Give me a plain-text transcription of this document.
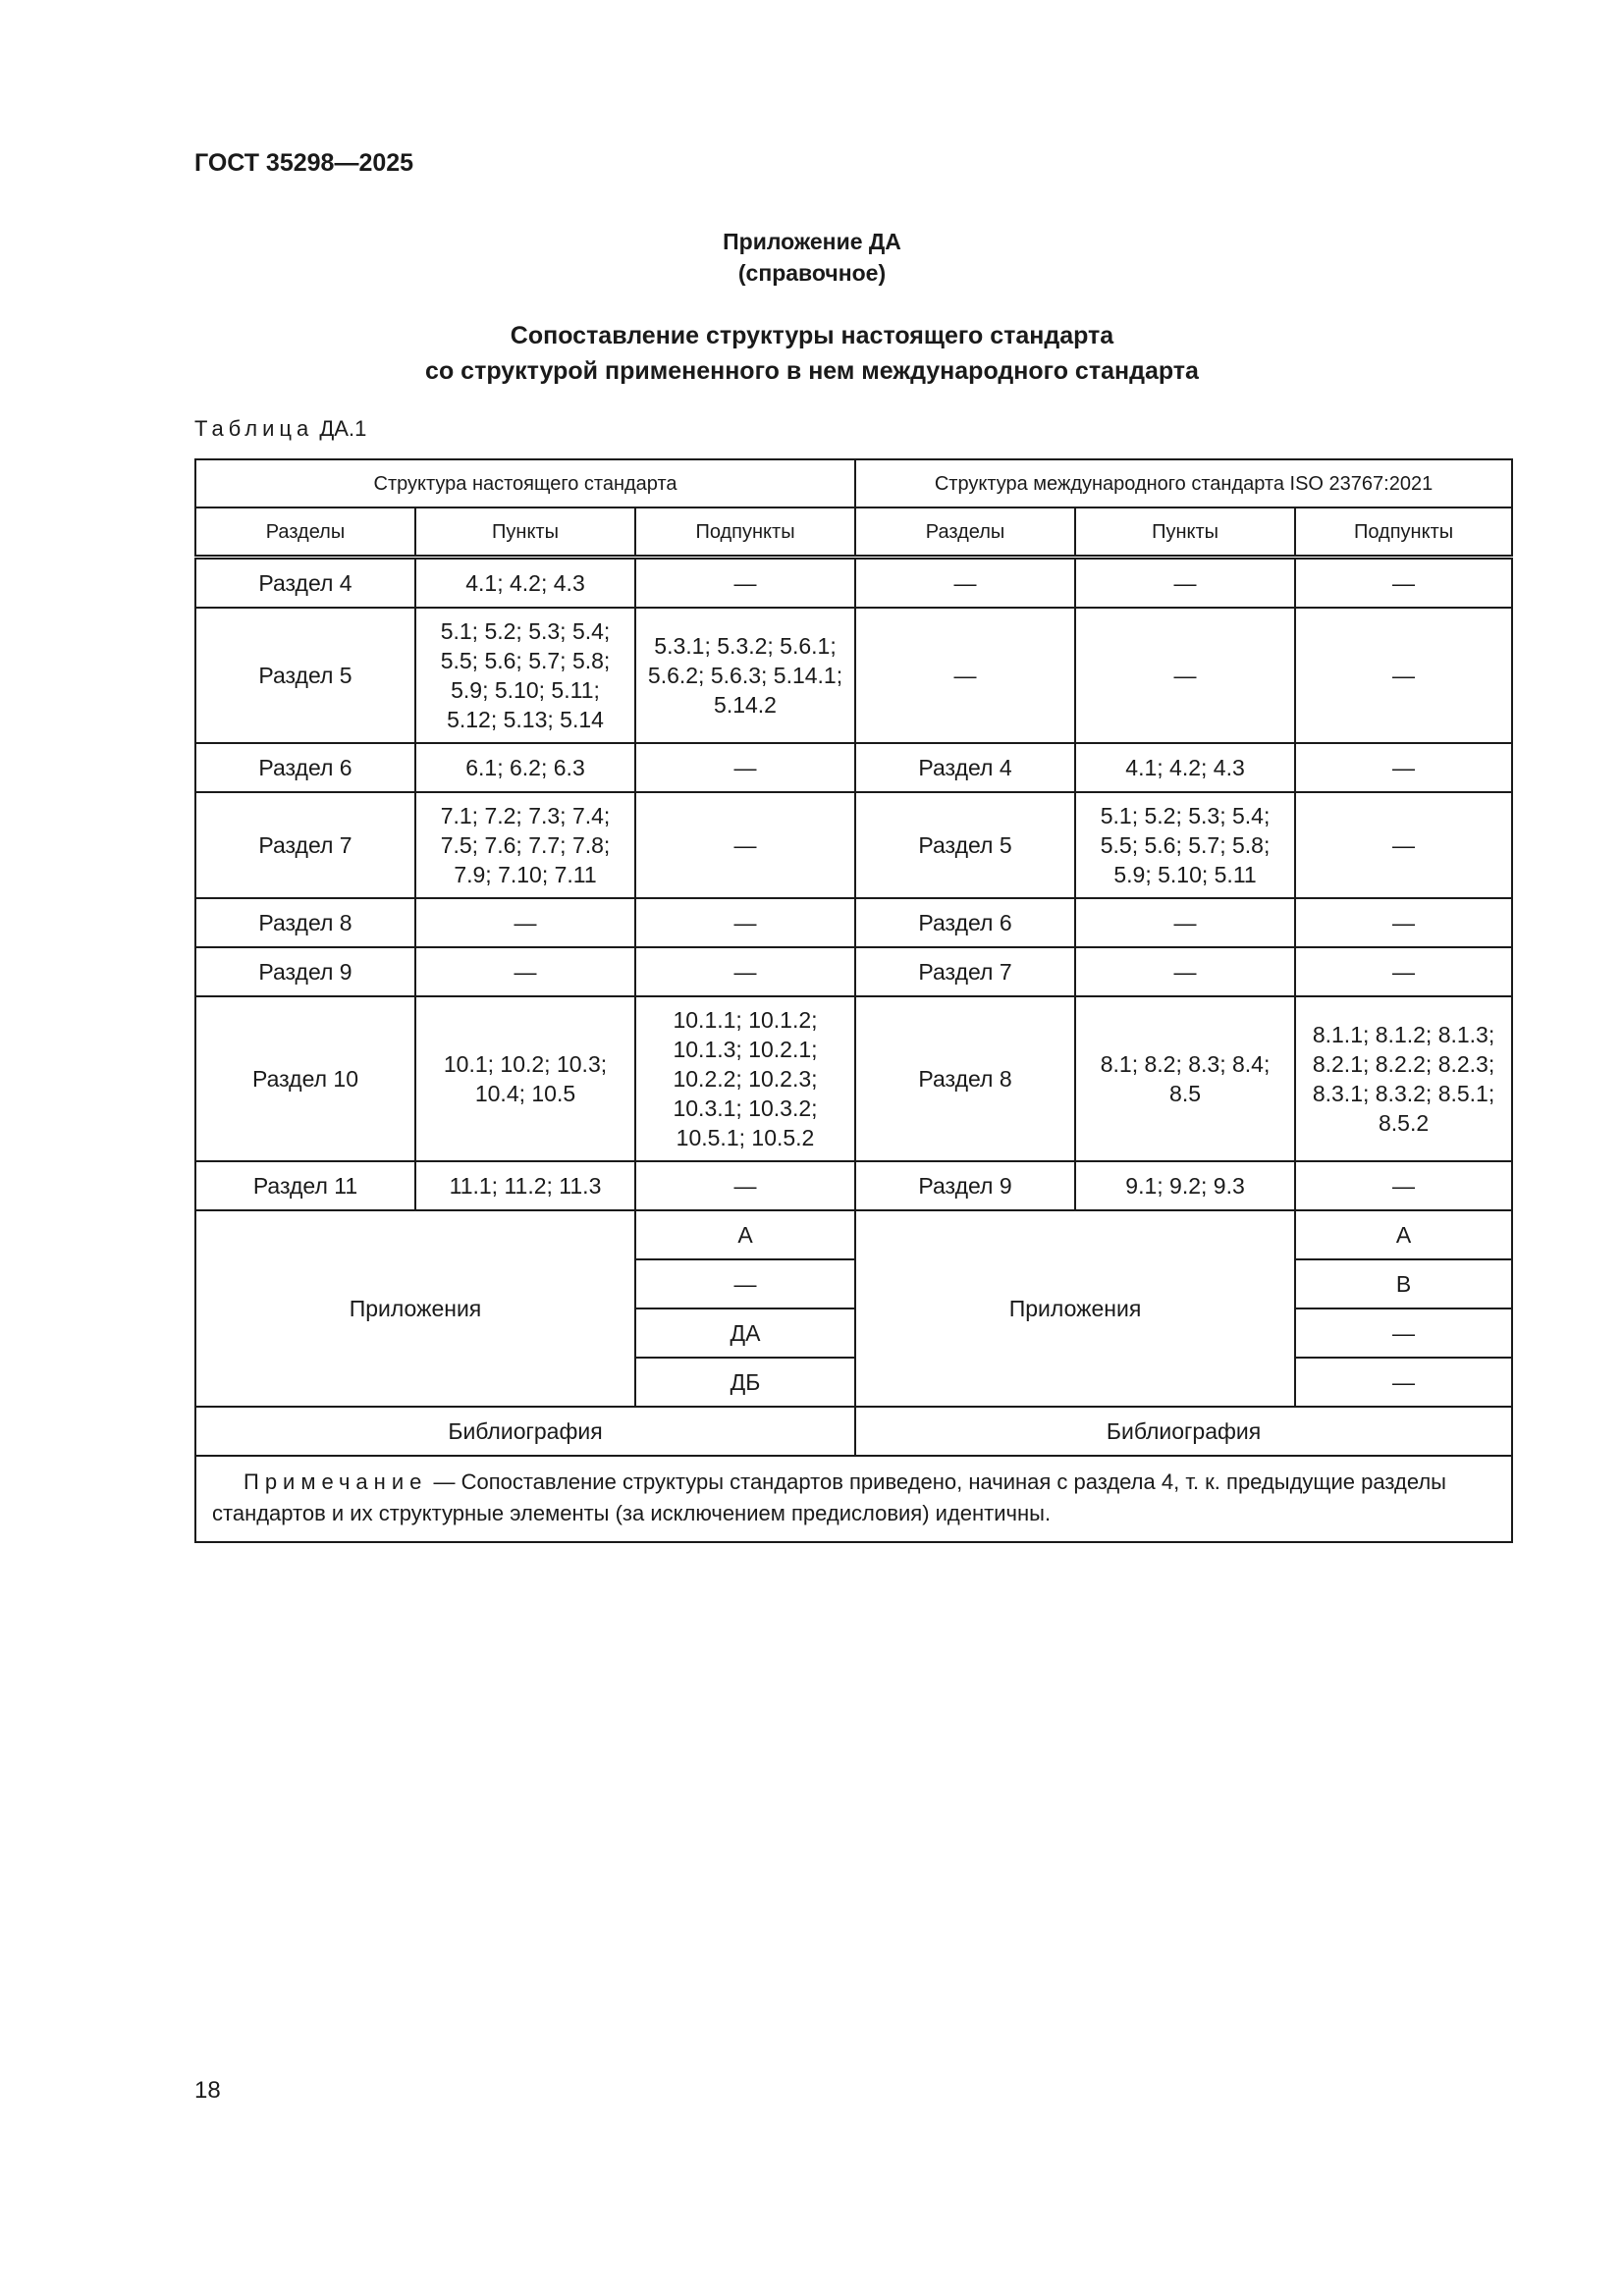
ГОСТ 35298—2025
Приложение ДА
(справочное)
Сопоставление структуры настоящего стандарта
со структурой примененного в нем международного стандарта
Таблица ДА.1
Структура настоящего стандарта			Структура международного стандарта ISO 23767:2021		
Разделы	Пункты	Подпункты	Разделы	Пункты	Подпункты
Раздел 4	4.1; 4.2; 4.3	—	—	—	—
Раздел 5	5.1; 5.2; 5.3; 5.4; 5.5; 5.6; 5.7; 5.8; 5.9; 5.10; 5.11; 5.12; 5.13; 5.14	5.3.1; 5.3.2; 5.6.1; 5.6.2; 5.6.3; 5.14.1; 5.14.2	—	—	—
Раздел 6	6.1; 6.2; 6.3	—	Раздел 4	4.1; 4.2; 4.3	—
Раздел 7	7.1; 7.2; 7.3; 7.4; 7.5; 7.6; 7.7; 7.8; 7.9; 7.10; 7.11	—	Раздел 5	5.1; 5.2; 5.3; 5.4; 5.5; 5.6; 5.7; 5.8; 5.9; 5.10; 5.11	—
Раздел 8	—	—	Раздел 6	—	—
Раздел 9	—	—	Раздел 7	—	—
Раздел 10	10.1; 10.2; 10.3; 10.4; 10.5	10.1.1; 10.1.2; 10.1.3; 10.2.1; 10.2.2; 10.2.3; 10.3.1; 10.3.2; 10.5.1; 10.5.2	Раздел 8	8.1; 8.2; 8.3; 8.4; 8.5	8.1.1; 8.1.2; 8.1.3; 8.2.1; 8.2.2; 8.2.3; 8.3.1; 8.3.2; 8.5.1; 8.5.2
Раздел 11	11.1; 11.2; 11.3	—	Раздел 9	9.1; 9.2; 9.3	—
Приложения		А	Приложения		А
		—			В
		ДА			—
		ДБ			—
Библиография			Библиография		
Примечание — Сопоставление структуры стандартов приведено, начиная с раздела 4, т. к. предыдущие разделы стандартов и их структурные элементы (за исключением предисловия) идентичны.					
18
